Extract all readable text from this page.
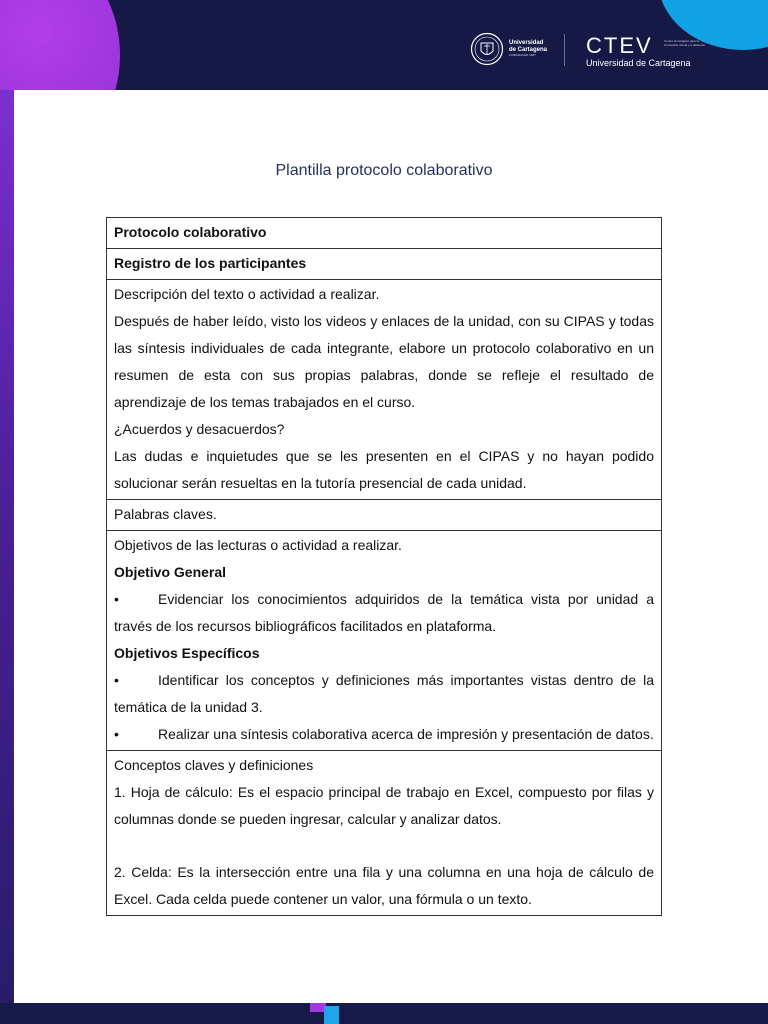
Universidad
de Cartagena
FUNDADA EN 1827	CTEV
Universidad de Cartagena
Centro tecnológico para la innovación virtual y a distancia
Plantilla protocolo colaborativo
Protocolo colaborativo
Registro de los participantes

Descripción del texto o actividad a realizar.
Después de haber leído, visto los videos y enlaces de la unidad, con su CIPAS y todas las síntesis individuales de cada integrante, elabore un protocolo colaborativo en un resumen de esta con sus propias palabras, donde se refleje el resultado de aprendizaje de los temas trabajados en el curso.
¿Acuerdos y desacuerdos?
Las dudas e inquietudes que se les presenten en el CIPAS y no hayan podido solucionar serán resueltas en la tutoría presencial de cada unidad.

Palabras claves.

Objetivos de las lecturas o actividad a realizar.
Objetivo General
•	Evidenciar los conocimientos adquiridos de la temática vista por unidad a través de los recursos bibliográficos facilitados en plataforma.
Objetivos Específicos
•	Identificar los conceptos y definiciones más importantes vistas dentro de la temática de la unidad 3.
•	Realizar una síntesis colaborativa acerca de impresión y presentación de datos.

Conceptos claves y definiciones
1. Hoja de cálculo: Es el espacio principal de trabajo en Excel, compuesto por filas y columnas donde se pueden ingresar, calcular y analizar datos.
2. Celda: Es la intersección entre una fila y una columna en una hoja de cálculo de Excel. Cada celda puede contener un valor, una fórmula o un texto.
